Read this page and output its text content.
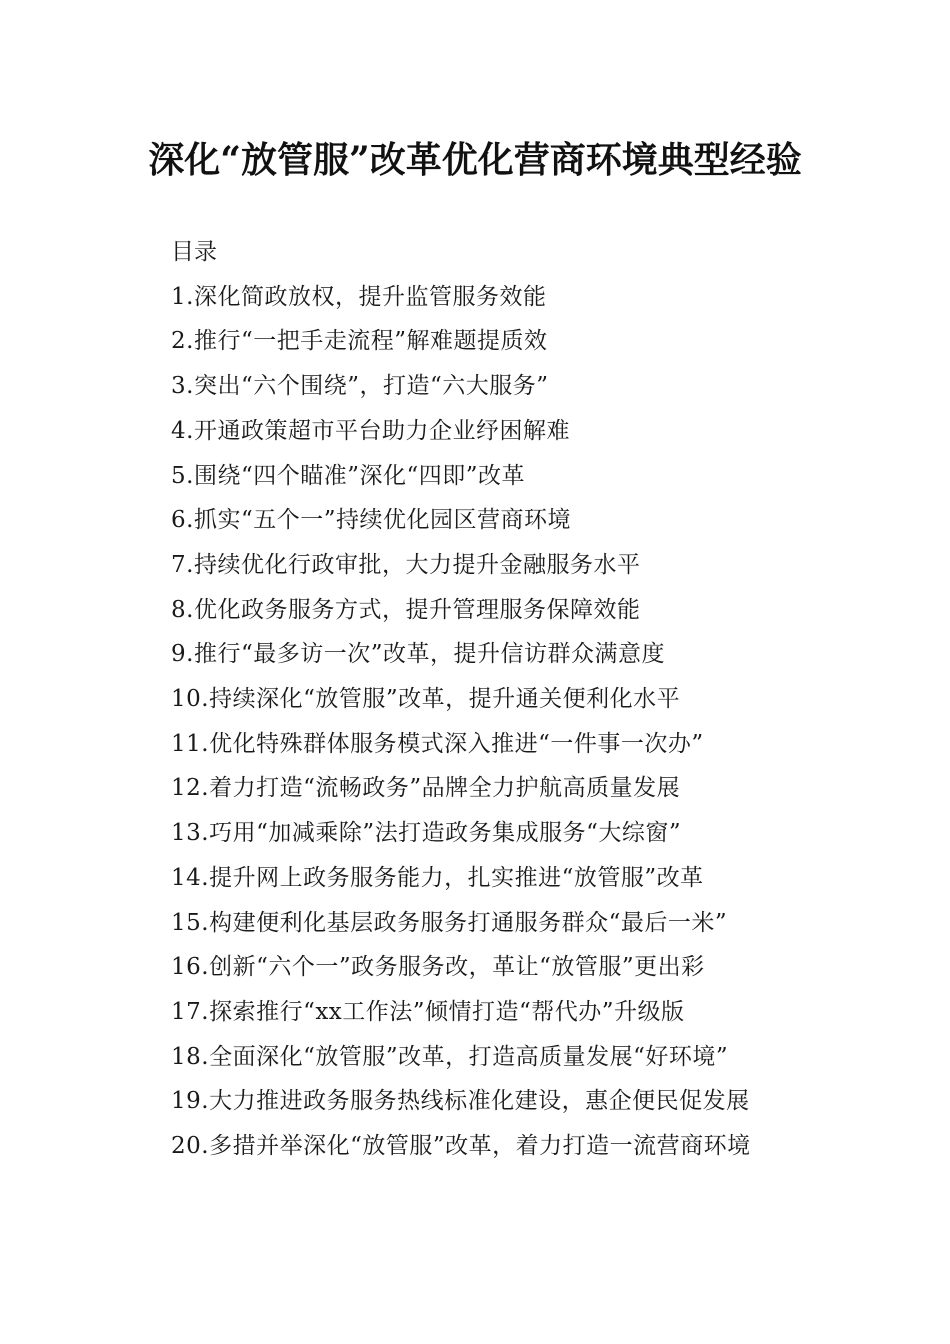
深化“放管服”改革优化营商环境典型经验
目录
1.深化简政放权，提升监管服务效能
2.推行“一把手走流程”解难题提质效
3.突出“六个围绕”，打造“六大服务”
4.开通政策超市平台助力企业纾困解难
5.围绕“四个瞄准”深化“四即”改革
6.抓实“五个一”持续优化园区营商环境
7.持续优化行政审批，大力提升金融服务水平
8.优化政务服务方式，提升管理服务保障效能
9.推行“最多访一次”改革，提升信访群众满意度
10.持续深化“放管服”改革，提升通关便利化水平
11.优化特殊群体服务模式深入推进“一件事一次办”
12.着力打造“流畅政务”品牌全力护航高质量发展
13.巧用“加减乘除”法打造政务集成服务“大综窗”
14.提升网上政务服务能力，扎实推进“放管服”改革
15.构建便利化基层政务服务打通服务群众“最后一米”
16.创新“六个一”政务服务改，革让“放管服”更出彩
17.探索推行“xx工作法”倾情打造“帮代办”升级版
18.全面深化“放管服”改革，打造高质量发展“好环境”
19.大力推进政务服务热线标准化建设，惠企便民促发展
20.多措并举深化“放管服”改革，着力打造一流营商环境
